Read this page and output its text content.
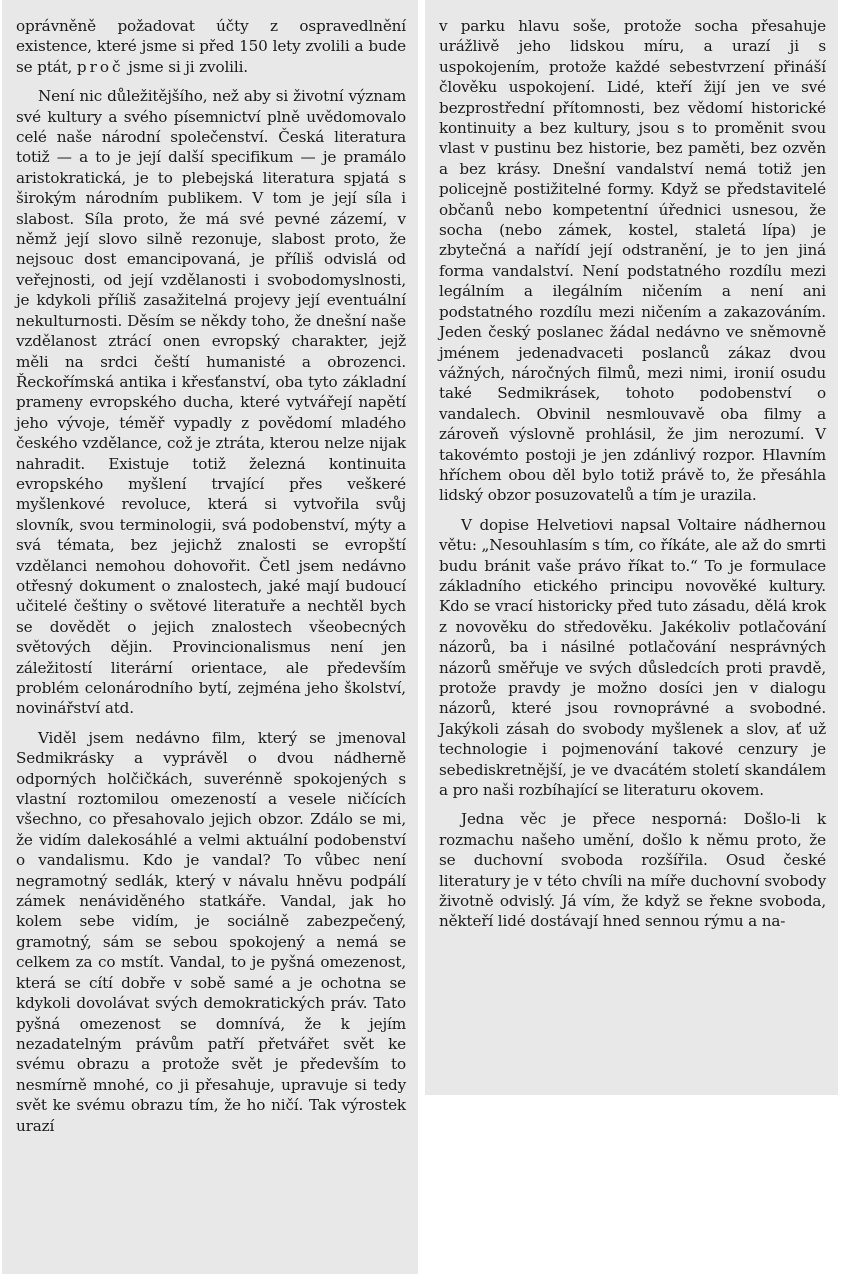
oprávněně požadovat účty z ospravedlnění existence, které jsme si před 150 lety zvolili a bude se ptát, proč jsme si ji zvolili.

Není nic důležitějšího, než aby si životní význam své kultury a svého písemnictví plně uvědomovalo celé naše národní společenství. Česká literatura totiž — a to je její další specifikum — je pramálo aristokratická, je to plebejská literatura spjatá s širokým národním publikem. V tom je její síla i slabost. Síla proto, že má své pevné zázemí, v němž její slovo silně rezonuje, slabost proto, že nejsouc dost emancipovaná, je příliš odvislá od veřejnosti, od její vzdělanosti i svobodomyslnosti, je kdykoli příliš zasažitelná projevy její eventuální nekulturnosti. Děsím se někdy toho, že dnešní naše vzdělanost ztrácí onen evropský charakter, jejž měli na srdci čeští humanisté a obrozenci. Řeckořímská antika i křesťanství, oba tyto základní prameny evropského ducha, které vytvářejí napětí jeho vývoje, téměř vypadly z povědomí mladého českého vzdělance, což je ztráta, kterou nelze nijak nahradit. Existuje totiž železná kontinuita evropského myšlení trvající přes veškeré myšlenkové revoluce, která si vytvořila svůj slovník, svou terminologii, svá podobenství, mýty a svá témata, bez jejichž znalosti se evropští vzdělanci nemohou dohovořit. Četl jsem nedávno otřesný dokument o znalostech, jaké mají budoucí učitelé češtiny o světové literatuře a nechtěl bych se dovědět o jejich znalostech všeobecných světových dějin. Provincionalismus není jen záležitostí literární orientace, ale především problém celonárodního bytí, zejména jeho školství, novinářství atd.

Viděl jsem nedávno film, který se jmenoval Sedmikrásky a vyprávěl o dvou nádherně odporných holčičkách, suverénně spokojených s vlastní roztomilou omezeností a vesele ničících všechno, co přesahovalo jejich obzor. Zdálo se mi, že vidím dalekosáhlé a velmi aktuální podobenství o vandalismu. Kdo je vandal? To vůbec není negramotný sedlák, který v návalu hněvu podpálí zámek nenáviděného statkáře. Vandal, jak ho kolem sebe vidím, je sociálně zabezpečený, gramotný, sám se sebou spokojený a nemá se celkem za co mstít. Vandal, to je pyšná omezenost, která se cítí dobře v sobě samé a je ochotna se kdykoli dovolávat svých demokratických práv. Tato pyšná omezenost se domnívá, že k jejím nezadatelným právům patří přetvářet svět ke svému obrazu a protože svět je především to nesmírně mnohé, co ji přesahuje, upravuje si tedy svět ke svému obrazu tím, že ho ničí. Tak výrostek urazí

v parku hlavu soše, protože socha přesahuje urážlivě jeho lidskou míru, a urazí ji s uspokojením, protože každé sebestvrzení přináší člověku uspokojení. Lidé, kteří žijí jen ve své bezprostřední přítomnosti, bez vědomí historické kontinuity a bez kultury, jsou s to proměnit svou vlast v pustinu bez historie, bez paměti, bez ozvěn a bez krásy. Dnešní vandalství nemá totiž jen policejně postižitelné formy. Když se představitelé občanů nebo kompetentní úřednici usnesou, že socha (nebo zámek, kostel, staletá lípa) je zbytečná a nařídí její odstranění, je to jen jiná forma vandalství. Není podstatného rozdílu mezi legálním a ilegálním ničením a není ani podstatného rozdílu mezi ničením a zakazováním. Jeden český poslanec žádal nedávno ve sněmovně jménem jedenadvaceti poslanců zákaz dvou vážných, náročných filmů, mezi nimi, ironií osudu také Sedmikrásek, tohoto podobenství o vandalech. Obvinil nesmlouvavě oba filmy a zároveň výslovně prohlásil, že jim nerozumí. V takovémto postoji je jen zdánlivý rozpor. Hlavním hříchem obou děl bylo totiž právě to, že přesáhla lidský obzor posuzovatelů a tím je urazila.

V dopise Helvetiovi napsal Voltaire nádhernou větu: „Nesouhlasím s tím, co říkáte, ale až do smrti budu bránit vaše právo říkat to.“ To je formulace základního etického principu novověké kultury. Kdo se vrací historicky před tuto zásadu, dělá krok z novověku do středověku. Jakékoliv potlačování názorů, ba i násilné potlačování nesprávných názorů směřuje ve svých důsledcích proti pravdě, protože pravdy je možno dosíci jen v dialogu názorů, které jsou rovnoprávné a svobodné. Jakýkoli zásah do svobody myšlenek a slov, ať už technologie i pojmenování takové cenzury je sebediskretnější, je ve dvacátém století skandálem a pro naši rozbíhající se literaturu okovem.

Jedna věc je přece nesporná: Došlo-li k rozmachu našeho umění, došlo k němu proto, že se duchovní svoboda rozšířila. Osud české literatury je v této chvíli na míře duchovní svobody životně odvislý. Já vím, že když se řekne svoboda, někteří lidé dostávají hned sennou rýmu a na-
